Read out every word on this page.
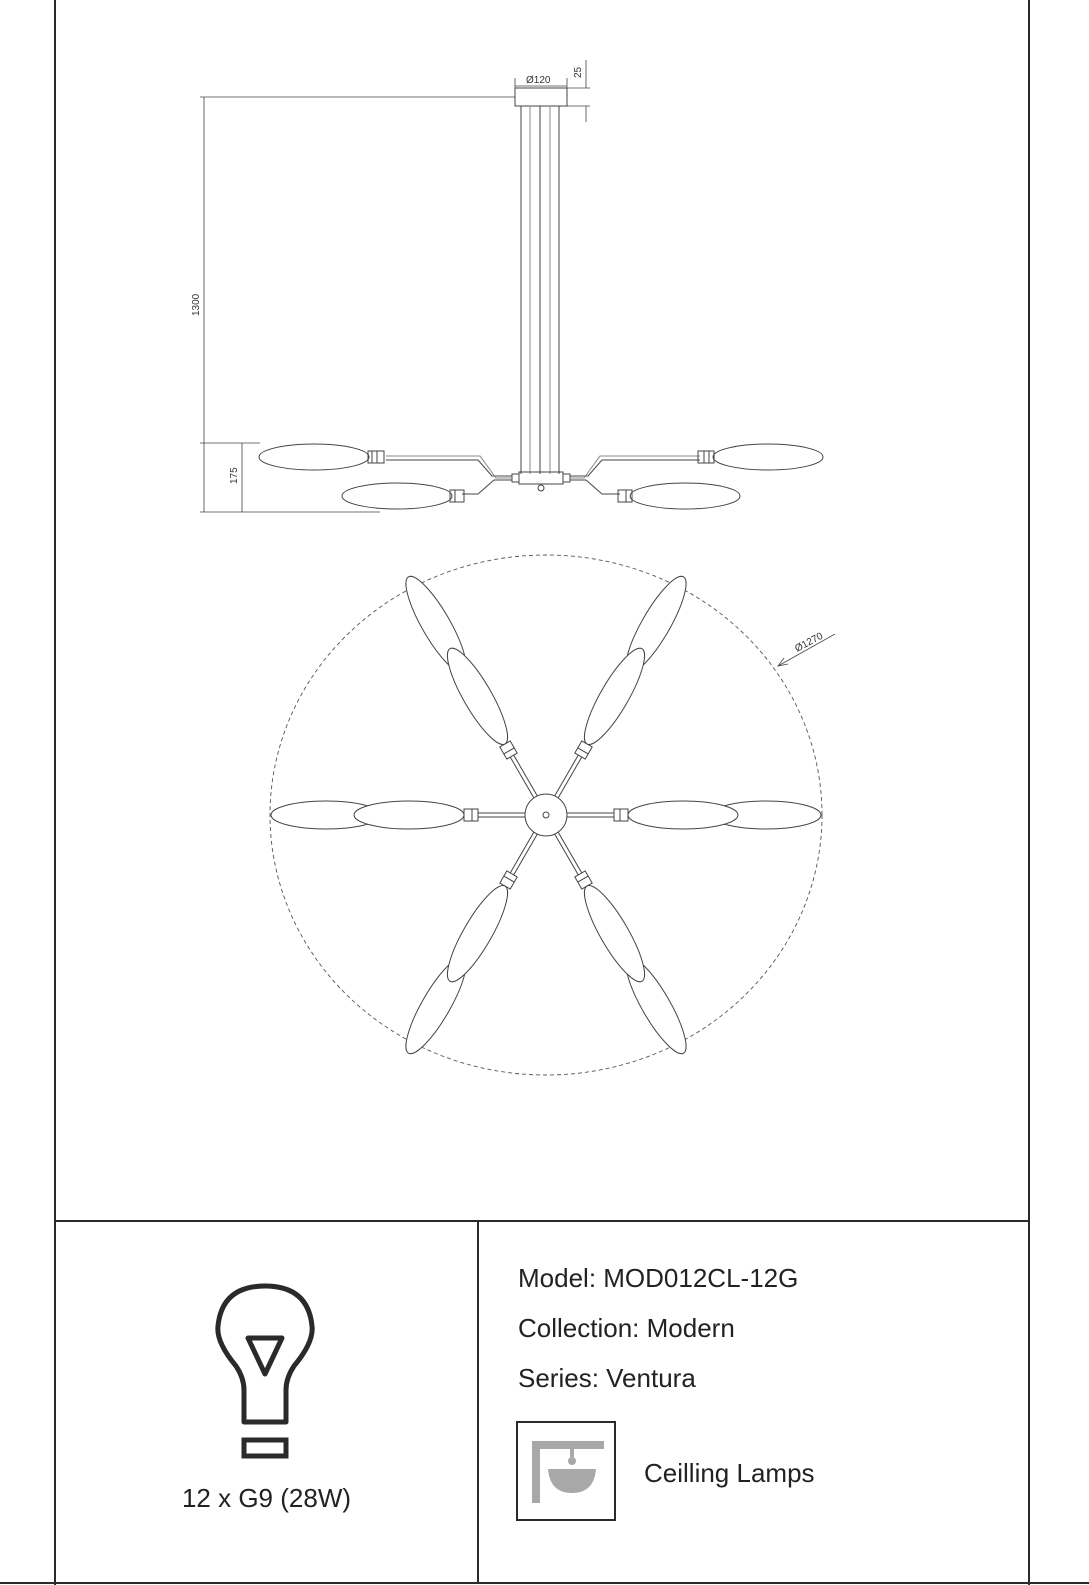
Ø120
25
1300
175
Ø1270
12 x G9 (28W)
Model: MOD012CL-12G
Collection: Modern
Series: Ventura
Ceilling Lamps
